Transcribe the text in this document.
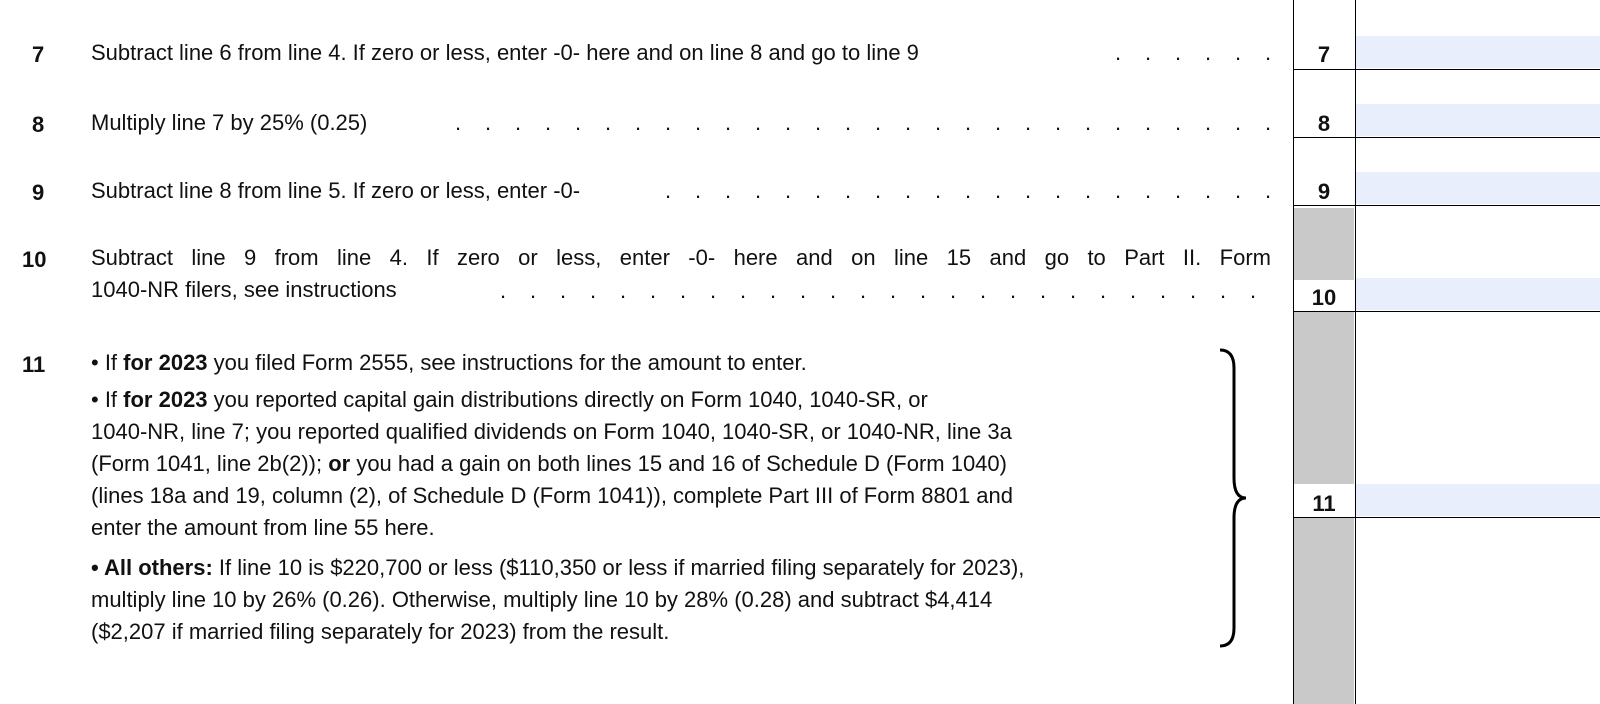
7
8
9
10
11
7 Subtract line 6 from line 4. If zero or less, enter -0- here and on line 8 and go to line 9	. . . . . .
8 Multiply line 7 by 25% (0.25)	. . . . . . . . . . . . . . . . . . . . . . . . . . . .
9 Subtract line 8 from line 5. If zero or less, enter -0-	. . . . . . . . . . . . . . . . . . . . .
10 Subtract line 9 from line 4. If zero or less, enter -0- here and on line 15 and go to Part II. Form
1040-NR filers, see instructions	. . . . . . . . . . . . . . . . . . . . . . . . . .
11 • If for 2023 you filed Form 2555, see instructions for the amount to enter.
• If for 2023 you reported capital gain distributions directly on Form 1040, 1040-SR, or
1040-NR, line 7; you reported qualified dividends on Form 1040, 1040-SR, or 1040-NR, line 3a
(Form 1041, line 2b(2)); or you had a gain on both lines 15 and 16 of Schedule D (Form 1040)
(lines 18a and 19, column (2), of Schedule D (Form 1041)), complete Part III of Form 8801 and
enter the amount from line 55 here.
• All others: If line 10 is $220,700 or less ($110,350 or less if married filing separately for 2023),
multiply line 10 by 26% (0.26). Otherwise, multiply line 10 by 28% (0.28) and subtract $4,414
($2,207 if married filing separately for 2023) from the result.
